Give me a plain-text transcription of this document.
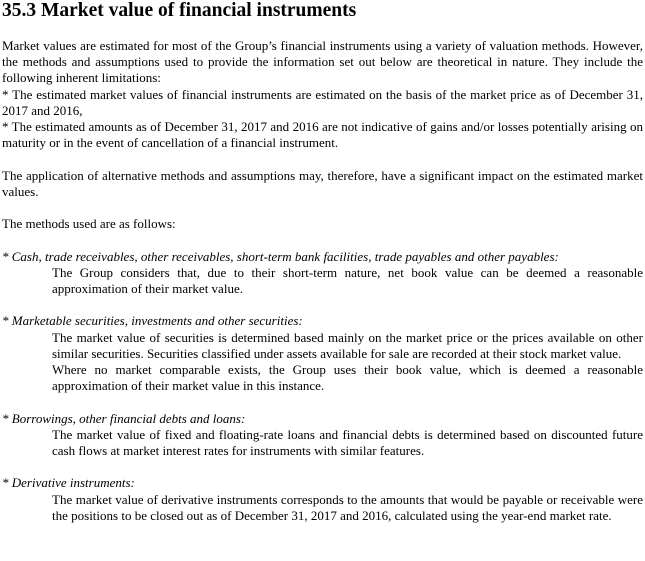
35.3 Market value of financial instruments

Market values are estimated for most of the Group’s financial instruments using a variety of valuation methods. However, the methods and assumptions used to provide the information set out below are theoretical in nature. They include the following inherent limitations:

* The estimated market values of financial instruments are estimated on the basis of the market price as of December 31, 2017 and 2016,

* The estimated amounts as of December 31, 2017 and 2016 are not indicative of gains and/or losses potentially arising on maturity or in the event of cancellation of a financial instrument.

The application of alternative methods and assumptions may, therefore, have a significant impact on the estimated market values.

The methods used are as follows:

* Cash, trade receivables, other receivables, short-term bank facilities, trade payables and other payables:

The Group considers that, due to their short-term nature, net book value can be deemed a reasonable approximation of their market value.

* Marketable securities, investments and other securities:

The market value of securities is determined based mainly on the market price or the prices available on other similar securities. Securities classified under assets available for sale are recorded at their stock market value.

Where no market comparable exists, the Group uses their book value, which is deemed a reasonable approximation of their market value in this instance.

* Borrowings, other financial debts and loans:

The market value of fixed and floating-rate loans and financial debts is determined based on discounted future cash flows at market interest rates for instruments with similar features.

* Derivative instruments:

The market value of derivative instruments corresponds to the amounts that would be payable or receivable were the positions to be closed out as of December 31, 2017 and 2016, calculated using the year-end market rate.
